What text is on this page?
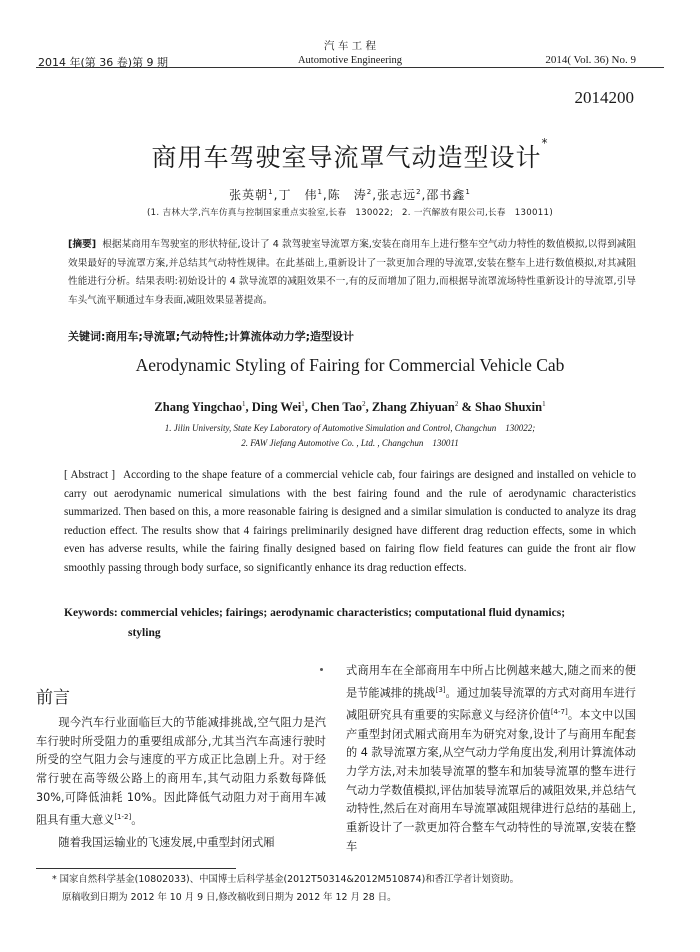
汽 车 工 程
Automotive Engineering
2014 年(第 36 卷)第 9 期	2014( Vol. 36) No. 9
2014200
商用车驾驶室导流罩气动造型设计*
张英朝$^1$,丁　伟$^1$,陈　涛$^2$,张志远$^2$,邵书鑫$^1$
(1. 吉林大学,汽车仿真与控制国家重点实验室,长春　130022;　2. 一汽解放有限公司,长春　130011)
[摘要] 根据某商用车驾驶室的形状特征,设计了 4 款驾驶室导流罩方案,安装在商用车上进行整车空气动力特性的数值模拟,以得到减阻效果最好的导流罩方案,并总结其气动特性规律。在此基础上,重新设计了一款更加合理的导流罩,安装在整车上进行数值模拟,对其减阻性能进行分析。结果表明:初始设计的 4 款导流罩的减阻效果不一,有的反而增加了阻力,而根据导流罩流场特性重新设计的导流罩,引导车头气流平顺通过车身表面,减阻效果显著提高。
关键词:商用车;导流罩;气动特性;计算流体动力学;造型设计
Aerodynamic Styling of Fairing for Commercial Vehicle Cab
Zhang Yingchao$^1$, Ding Wei$^1$, Chen Tao$^2$, Zhang Zhiyuan$^2$ & Shao Shuxin$^1$
1. Jilin University, State Key Laboratory of Automotive Simulation and Control, Changchun　130022;
2. FAW Jiefang Automotive Co. , Ltd. , Changchun　130011
[ Abstract ] According to the shape feature of a commercial vehicle cab, four fairings are designed and installed on vehicle to carry out aerodynamic numerical simulations with the best fairing found and the rule of aerodynamic characteristics summarized. Then based on this, a more reasonable fairing is designed and a similar simulation is conducted to analyze its drag reduction effect. The results show that 4 fairings preliminarily designed have different drag reduction effects, some in which even has adverse results, while the fairing finally designed based on fairing flow field features can guide the front air flow smoothly passing through body surface, so significantly enhance its drag reduction effects.
Keywords: commercial vehicles; fairings; aerodynamic characteristics; computational fluid dynamics;
styling
前言

现今汽车行业面临巨大的节能减排挑战,空气阻力是汽车行驶时所受阻力的重要组成部分,尤其当汽车高速行驶时所受的空气阻力会与速度的平方成正比急剧上升。对于经常行驶在高等级公路上的商用车,其气动阻力系数每降低 30%,可降低油耗 10%。因此降低气动阻力对于商用车减阻具有重大意义[1-2]。

随着我国运输业的飞速发展,中重型封闭式厢

式商用车在全部商用车中所占比例越来越大,随之而来的便是节能减排的挑战[3]。通过加装导流罩的方式对商用车进行减阻研究具有重要的实际意义与经济价值[4-7]。本文中以国产重型封闭式厢式商用车为研究对象,设计了与商用车配套的 4 款导流罩方案,从空气动力学角度出发,利用计算流体动力学方法,对未加装导流罩的整车和加装导流罩的整车进行气动力学数值模拟,评估加装导流罩后的减阻效果,并总结气动特性,然后在对商用车导流罩减阻规律进行总结的基础上,重新设计了一款更加符合整车气动特性的导流罩,安装在整车

* 国家自然科学基金(10802033)、中国博士后科学基金(2012T50314&2012M510874)和香江学者计划资助。
原稿收到日期为 2012 年 10 月 9 日,修改稿收到日期为 2012 年 12 月 28 日。
